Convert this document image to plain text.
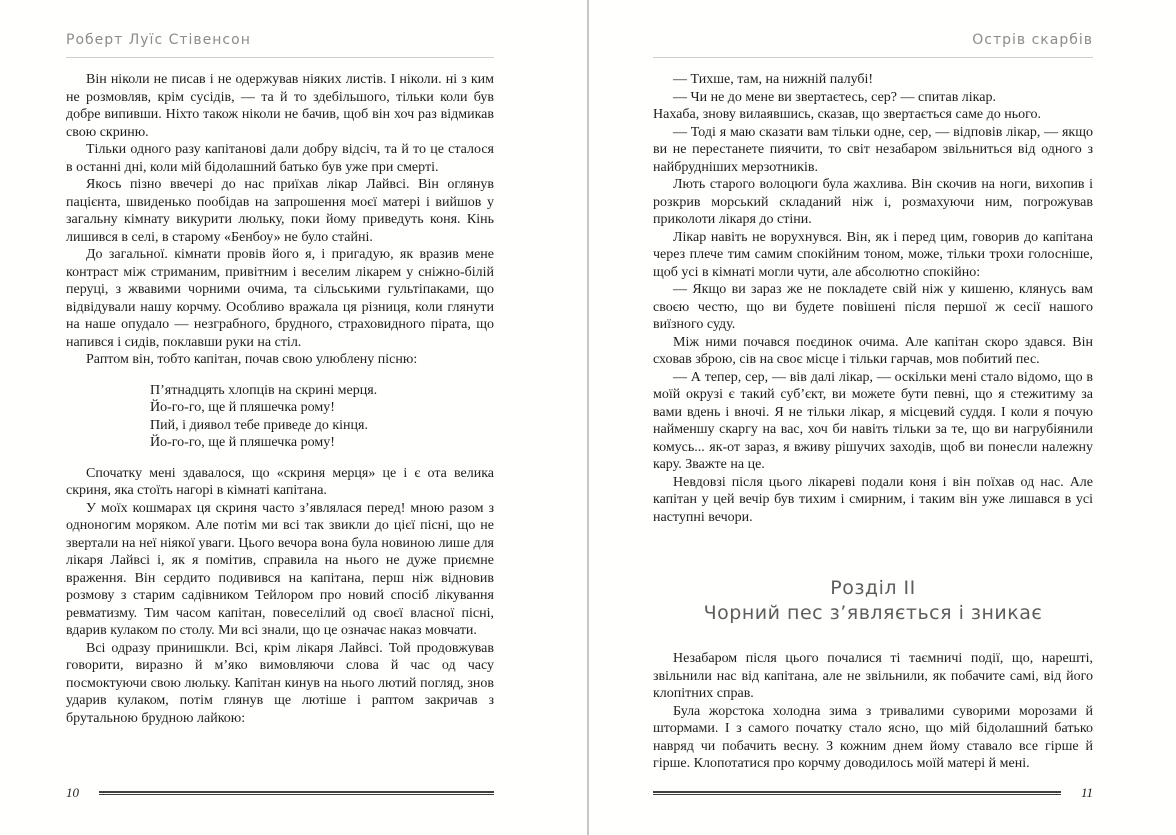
Роберт Луїс Стівенсон

Він ніколи не писав і не одержував ніяких листів. І ніколи. ні з ким не розмовляв, крім сусідів, — та й то здебільшого, тільки коли був добре випивши. Ніхто також ніколи не бачив, щоб він хоч раз відмикав свою скриню.

Тільки одного разу капітанові дали добру відсіч, та й то це сталося в останні дні, коли мій бідолашний батько був уже при смерті.

Якось пізно ввечері до нас приїхав лікар Лайвсі. Він оглянув пацієнта, швиденько пообідав на запрошення моєї матері і вийшов у загальну кімнату викурити люльку, поки йому приведуть коня. Кінь лишився в селі, в старому «Бенбоу» не було стайні.

До загальної. кімнати провів його я, і пригадую, як вразив мене контраст між стриманим, привітним і веселим лікарем у сніжно-білій перуці, з жвавими чорними очима, та сільськими гультіпаками, що відвідували нашу корчму. Особливо вражала ця різниця, коли глянути на наше опудало — незграбного, брудного, страховидного пірата, що напився і сидів, поклавши руки на стіл.

Раптом він, тобто капітан, почав свою улюблену пісню:

П’ятнадцять хлопців на скрині мерця.
Йо-го-го, ще й пляшечка рому!
Пий, і диявол тебе приведе до кінця.
Йо-го-го, ще й пляшечка рому!

Спочатку мені здавалося, що «скриня мерця» це і є ота велика скриня, яка стоїть нагорі в кімнаті капітана.

У моїх кошмарах ця скриня часто з’являлася перед! мною разом з одноногим моряком. Але потім ми всі так звикли до цієї пісні, що не звертали на неї ніякої уваги. Цього вечора вона була новиною лише для лікаря Лайвсі і, як я помітив, справила на нього не дуже приємне враження. Він сердито подивився на капітана, перш ніж відновив розмову з старим садівником Тейлором про новий спосіб лікування ревматизму. Тим часом капітан, повеселілий од своєї власної пісні, вдарив кулаком по столу. Ми всі знали, що це означає наказ мовчати.

Всі одразу принишкли. Всі, крім лікаря Лайвсі. Той продовжував говорити, виразно й м’яко вимовляючи слова й час од часу посмоктуючи свою люльку. Капітан кинув на нього лютий погляд, знов ударив кулаком, потім глянув ще лютіше і раптом закричав з брутальною брудною лайкою:

10
Острів скарбів

— Тихше, там, на нижній палубі!

— Чи не до мене ви звертаєтесь, сер? — спитав лікар.

Нахаба, знову вилаявшись, сказав, що звертається саме до нього.

— Тоді я маю сказати вам тільки одне, сер, — відповів лікар, — якщо ви не перестанете пиячити, то світ незабаром звільниться від одного з найбрудніших мерзотників.

Лють старого волоцюги була жахлива. Він скочив на ноги, вихопив і розкрив морський складаний ніж і, розмахуючи ним, погрожував приколоти лікаря до стіни.

Лікар навіть не ворухнувся. Він, як і перед цим, говорив до капітана через плече тим самим спокійним тоном, може, тільки трохи голосніше, щоб усі в кімнаті могли чути, але абсолютно спокійно:

— Якщо ви зараз же не покладете свій ніж у кишеню, клянусь вам своєю честю, що ви будете повішені після першої ж сесії нашого виїзного суду.

Між ними почався поєдинок очима. Але капітан скоро здався. Він сховав зброю, сів на своє місце і тільки гарчав, мов побитий пес.

— А тепер, сер, — вів далі лікар, — оскільки мені стало відомо, що в моїй окрузі є такий суб’єкт, ви можете бути певні, що я стежитиму за вами вдень і вночі. Я не тільки лікар, я місцевий суддя. І коли я почую найменшу скаргу на вас, хоч би навіть тільки за те, що ви нагрубіянили комусь... як-от зараз, я вживу рішучих заходів, щоб ви понесли належну кару. Зважте на це.

Невдовзі після цього лікареві подали коня і він поїхав од нас. Але капітан у цей вечір був тихим і смирним, і таким він уже лишався в усі наступні вечори.

Розділ II
Чорний пес з’являється і зникає

Незабаром після цього почалися ті таємничі події, що, нарешті, звільнили нас від капітана, але не звільнили, як побачите самі, від його клопітних справ.

Була жорстока холодна зима з тривалими суворими морозами й штормами. І з самого початку стало ясно, що мій бідолашний батько навряд чи побачить весну. З кожним днем йому ставало все гірше й гірше. Клопотатися про корчму доводилось моїй матері й мені.

11
